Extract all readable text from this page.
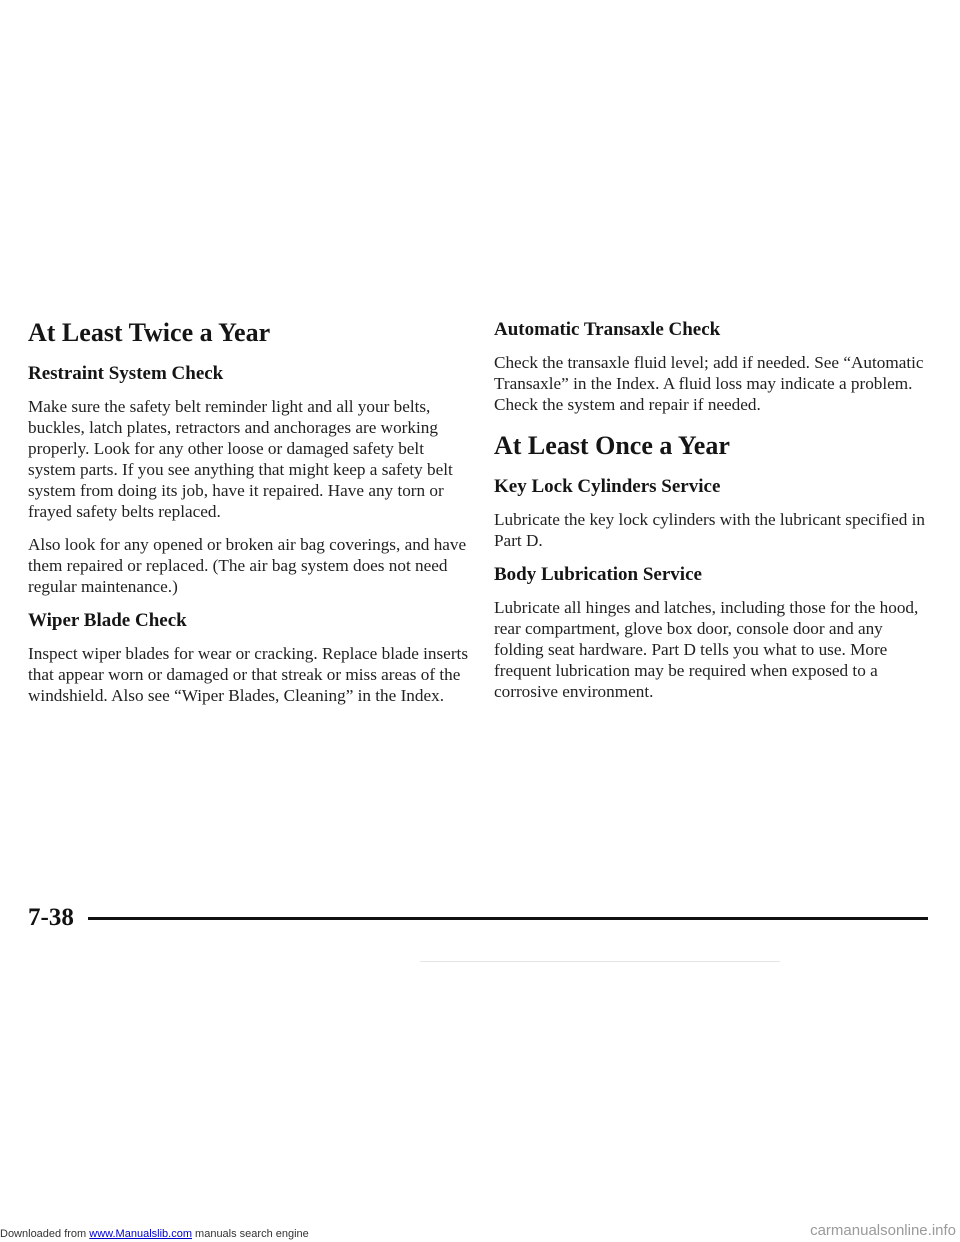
At Least Twice a Year
Restraint System Check

Make sure the safety belt reminder light and all your belts, buckles, latch plates, retractors and anchorages are working properly. Look for any other loose or damaged safety belt system parts. If you see anything that might keep a safety belt system from doing its job, have it repaired. Have any torn or frayed safety belts replaced.

Also look for any opened or broken air bag coverings, and have them repaired or replaced. (The air bag system does not need regular maintenance.)

Wiper Blade Check

Inspect wiper blades for wear or cracking. Replace blade inserts that appear worn or damaged or that streak or miss areas of the windshield. Also see “Wiper Blades, Cleaning” in the Index.

Automatic Transaxle Check

Check the transaxle fluid level; add if needed. See “Automatic Transaxle” in the Index. A fluid loss may indicate a problem. Check the system and repair if needed.

At Least Once a Year
Key Lock Cylinders Service

Lubricate the key lock cylinders with the lubricant specified in Part D.

Body Lubrication Service

Lubricate all hinges and latches, including those for the hood, rear compartment, glove box door, console door and any folding seat hardware. Part D tells you what to use. More frequent lubrication may be required when exposed to a corrosive environment.

7-38
Downloaded from www.Manualslib.com manuals search engine	carmanualsonline.info
